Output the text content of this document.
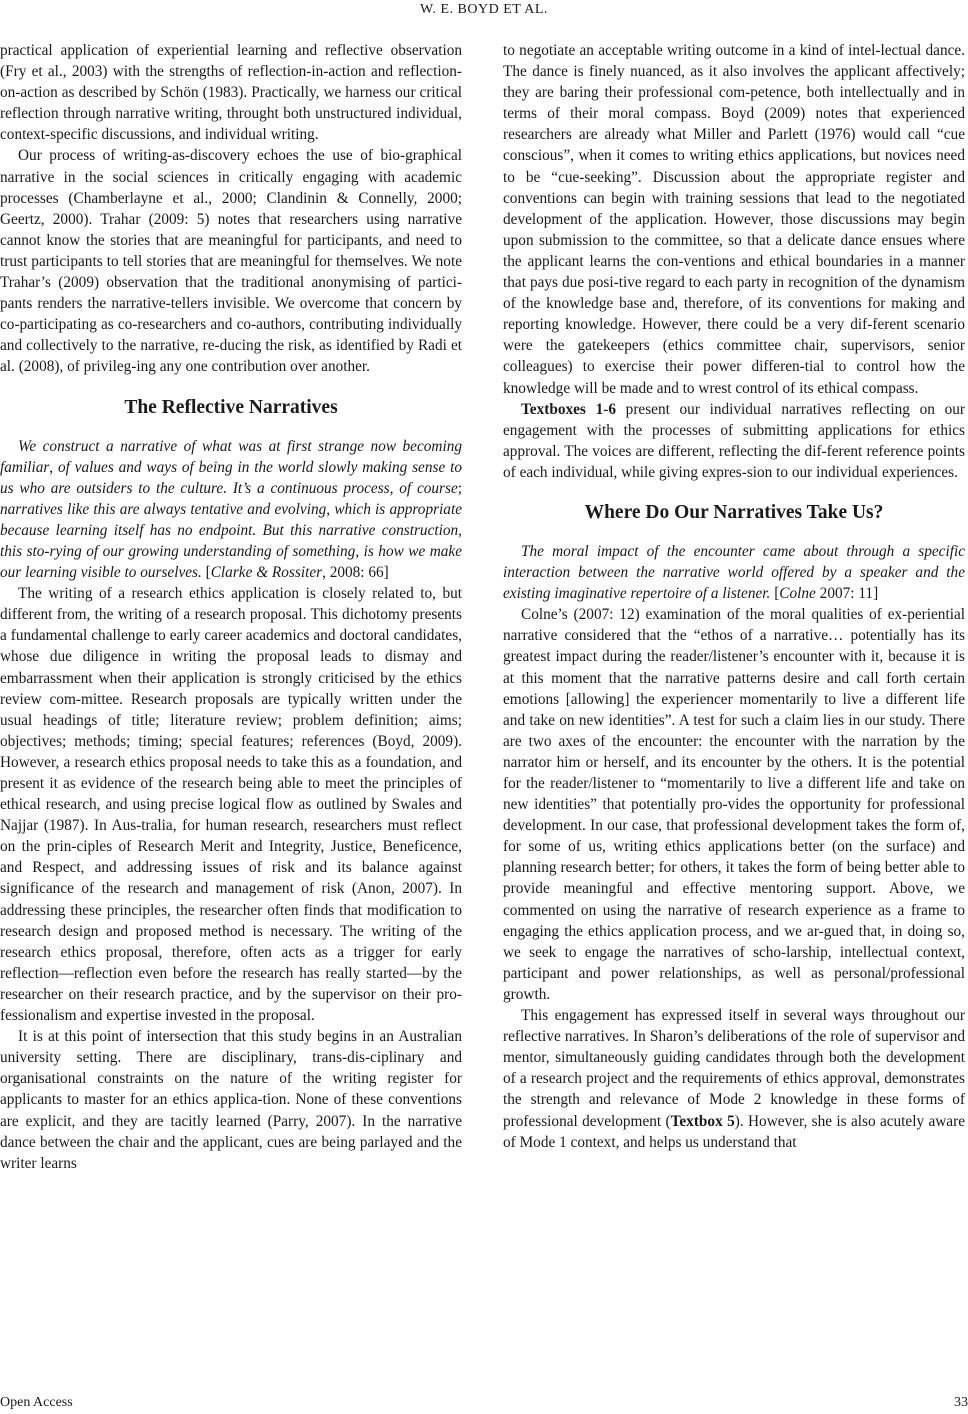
W. E. BOYD ET AL.

practical application of experiential learning and reflective observation (Fry et al., 2003) with the strengths of reflection-in-action and reflection-on-action as described by Schön (1983). Practically, we harness our critical reflection through narrative writing, throught both unstructured individual, context-specific discussions, and individual writing.

Our process of writing-as-discovery echoes the use of bio-graphical narrative in the social sciences in critically engaging with academic processes (Chamberlayne et al., 2000; Clandinin & Connelly, 2000; Geertz, 2000). Trahar (2009: 5) notes that researchers using narrative cannot know the stories that are meaningful for participants, and need to trust participants to tell stories that are meaningful for themselves. We note Trahar’s (2009) observation that the traditional anonymising of partici-pants renders the narrative-tellers invisible. We overcome that concern by co-participating as co-researchers and co-authors, contributing individually and collectively to the narrative, re-ducing the risk, as identified by Radi et al. (2008), of privileg-ing any one contribution over another.

The Reflective Narratives

We construct a narrative of what was at first strange now becoming familiar, of values and ways of being in the world slowly making sense to us who are outsiders to the culture. It’s a continuous process, of course; narratives like this are always tentative and evolving, which is appropriate because learning itself has no endpoint. But this narrative construction, this sto-rying of our growing understanding of something, is how we make our learning visible to ourselves. [Clarke & Rossiter, 2008: 66]

The writing of a research ethics application is closely related to, but different from, the writing of a research proposal. This dichotomy presents a fundamental challenge to early career academics and doctoral candidates, whose due diligence in writing the proposal leads to dismay and embarrassment when their application is strongly criticised by the ethics review com-mittee. Research proposals are typically written under the usual headings of title; literature review; problem definition; aims; objectives; methods; timing; special features; references (Boyd, 2009). However, a research ethics proposal needs to take this as a foundation, and present it as evidence of the research being able to meet the principles of ethical research, and using precise logical flow as outlined by Swales and Najjar (1987). In Aus-tralia, for human research, researchers must reflect on the prin-ciples of Research Merit and Integrity, Justice, Beneficence, and Respect, and addressing issues of risk and its balance against significance of the research and management of risk (Anon, 2007). In addressing these principles, the researcher often finds that modification to research design and proposed method is necessary. The writing of the research ethics proposal, therefore, often acts as a trigger for early reflection—reflection even before the research has really started—by the researcher on their research practice, and by the supervisor on their pro-fessionalism and expertise invested in the proposal.

It is at this point of intersection that this study begins in an Australian university setting. There are disciplinary, trans-dis-ciplinary and organisational constraints on the nature of the writing register for applicants to master for an ethics applica-tion. None of these conventions are explicit, and they are tacitly learned (Parry, 2007). In the narrative dance between the chair and the applicant, cues are being parlayed and the writer learns

to negotiate an acceptable writing outcome in a kind of intel-lectual dance. The dance is finely nuanced, as it also involves the applicant affectively; they are baring their professional com-petence, both intellectually and in terms of their moral compass. Boyd (2009) notes that experienced researchers are already what Miller and Parlett (1976) would call “cue conscious”, when it comes to writing ethics applications, but novices need to be “cue-seeking”. Discussion about the appropriate register and conventions can begin with training sessions that lead to the negotiated development of the application. However, those discussions may begin upon submission to the committee, so that a delicate dance ensues where the applicant learns the con-ventions and ethical boundaries in a manner that pays due posi-tive regard to each party in recognition of the dynamism of the knowledge base and, therefore, of its conventions for making and reporting knowledge. However, there could be a very dif-ferent scenario were the gatekeepers (ethics committee chair, supervisors, senior colleagues) to exercise their power differen-tial to control how the knowledge will be made and to wrest control of its ethical compass.

Textboxes 1-6 present our individual narratives reflecting on our engagement with the processes of submitting applications for ethics approval. The voices are different, reflecting the dif-ferent reference points of each individual, while giving expres-sion to our individual experiences.

Where Do Our Narratives Take Us?

The moral impact of the encounter came about through a specific interaction between the narrative world offered by a speaker and the existing imaginative repertoire of a listener. [Colne 2007: 11]

Colne’s (2007: 12) examination of the moral qualities of ex-periential narrative considered that the “ethos of a narrative… potentially has its greatest impact during the reader/listener’s encounter with it, because it is at this moment that the narrative patterns desire and call forth certain emotions [allowing] the experiencer momentarily to live a different life and take on new identities”. A test for such a claim lies in our study. There are two axes of the encounter: the encounter with the narration by the narrator him or herself, and its encounter by the others. It is the potential for the reader/listener to “momentarily to live a different life and take on new identities” that potentially pro-vides the opportunity for professional development. In our case, that professional development takes the form of, for some of us, writing ethics applications better (on the surface) and planning research better; for others, it takes the form of being better able to provide meaningful and effective mentoring support. Above, we commented on using the narrative of research experience as a frame to engaging the ethics application process, and we ar-gued that, in doing so, we seek to engage the narratives of scho-larship, intellectual context, participant and power relationships, as well as personal/professional growth.

This engagement has expressed itself in several ways throughout our reflective narratives. In Sharon’s deliberations of the role of supervisor and mentor, simultaneously guiding candidates through both the development of a research project and the requirements of ethics approval, demonstrates the strength and relevance of Mode 2 knowledge in these forms of professional development (Textbox 5). However, she is also acutely aware of Mode 1 context, and helps us understand that

Open Access	33
